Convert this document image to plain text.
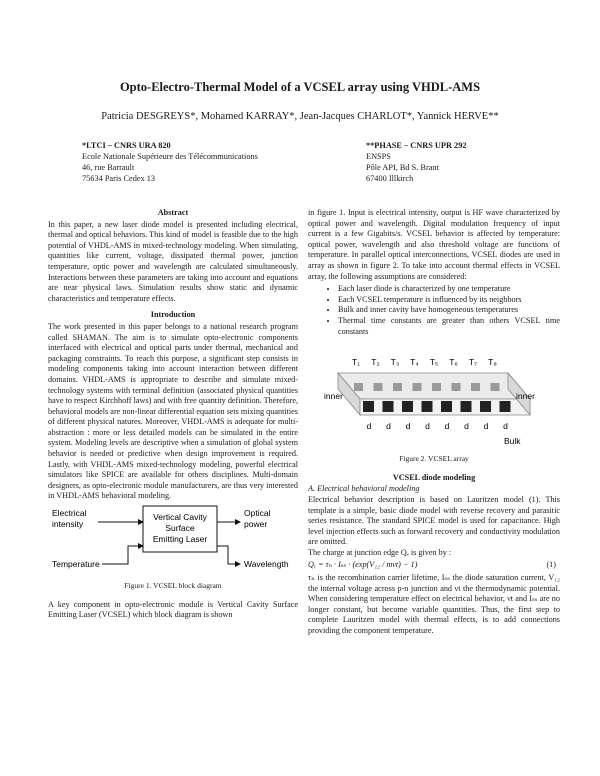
Opto-Electro-Thermal Model of a VCSEL array using VHDL-AMS
Patricia DESGREYS*, Mohamed KARRAY*, Jean-Jacques CHARLOT*, Yannick HERVE**
*LTCI – CNRS URA 820
Ecole Nationale Supérieure des Télécommunications
46, rue Barrault
75634 Paris Cedex 13
**PHASE – CNRS UPR 292
ENSPS
Pôle API, Bd S. Brant
67400 Illkirch
Abstract

In this paper, a new laser diode model is presented including electrical, thermal and optical behaviors. This kind of model is feasible due to the high potential of VHDL-AMS in mixed-technology modeling. When simulating, quantities like current, voltage, dissipated thermal power, junction temperature, optic power and wavelength are calculated simultaneously. Interactions between these parameters are taking into account and equations are near physical laws. Simulation results show static and dynamic characteristics and temperature effects.

Introduction

The work presented in this paper belongs to a national research program called SHAMAN. The aim is to simulate opto-electronic components interfaced with electrical and optical parts under thermal, mechanical and packaging constraints. To reach this purpose, a significant step consists in modeling components taking into account interaction between different domains. VHDL-AMS is appropriate to describe and simulate mixed-technology systems with terminal definition (associated physical quantities have to respect Kirchhoff laws) and with free quantity definition. Therefore, behavioral models are non-linear differential equation sets mixing quantities of different physical natures. Moreover, VHDL-AMS is adequate for multi-abstraction : more or less detailed models can be simulated in the entire system. Modeling levels are descriptive when a simulation of global system behavior is needed or predictive when design improvement is required. Lastly, with VHDL-AMS mixed-technology modeling, powerful electrical simulators like SPICE are available for others disciplines. Multi-domain designers, as opto-electronic module manufacturers, are thus very interested in VHDL-AMS behavioral modeling.

Vertical Cavity
Surface
Emitting Laser
Electrical
intensity
Temperature
Optical
power
Wavelength
Figure 1. VCSEL block diagram

A key component in opto-electronic module is Vertical Cavity Surface Emitting Laser (VCSEL) which block diagram is shown

in figure 1. Input is electrical intensity, output is HF wave characterized by optical power and wavelength. Digital modulation frequency of input current is a few Gigabits/s. VCSEL behavior is affected by temperature: optical power, wavelength and also threshold voltage are functions of temperature. In parallel optical interconnections, VCSEL diodes are used in array as shown in figure 2. To take into account thermal effects in VCSEL array, the following assumptions are considered:

• Each laser diode is characterized by one temperature
• Each VCSEL temperature is influenced by its neighbors
• Bulk and inner cavity have homogeneous temperatures
• Thermal time constants are greater than others VCSEL time constants
T₁ T₂ T₃ T₄ T₅ T₆ T₇ T₈
d d d d d d d d
inner	inner
Bulk
Figure 2. VCSEL array
VCSEL diode modeling
A. Electrical behavioral modeling

Electrical behavior description is based on Lauritzen model (1). This template is a simple, basic diode model with reverse recovery and parasitic series resistance. The standard SPICE model is used for capacitance. High level injection effects such as forward recovery and conductivity modulation are omitted.

The charge at junction edge Qₑ is given by :

Qₑ = τₙ · Iₛₛ · (exp(V₁₂ / mνt) − 1)	(1)

τₙ is the recombination carrier lifetime, Iₛₛ the diode saturation current, V₁₂ the internal voltage across p-n junction and νt the thermodynamic potential. When considering temperature effect on electrical behavior, νt and Iₛₛ are no longer constant, but become variable quantities. Thus, the first step to complete Lauritzen model with thermal effects, is to add connections providing the component temperature.
